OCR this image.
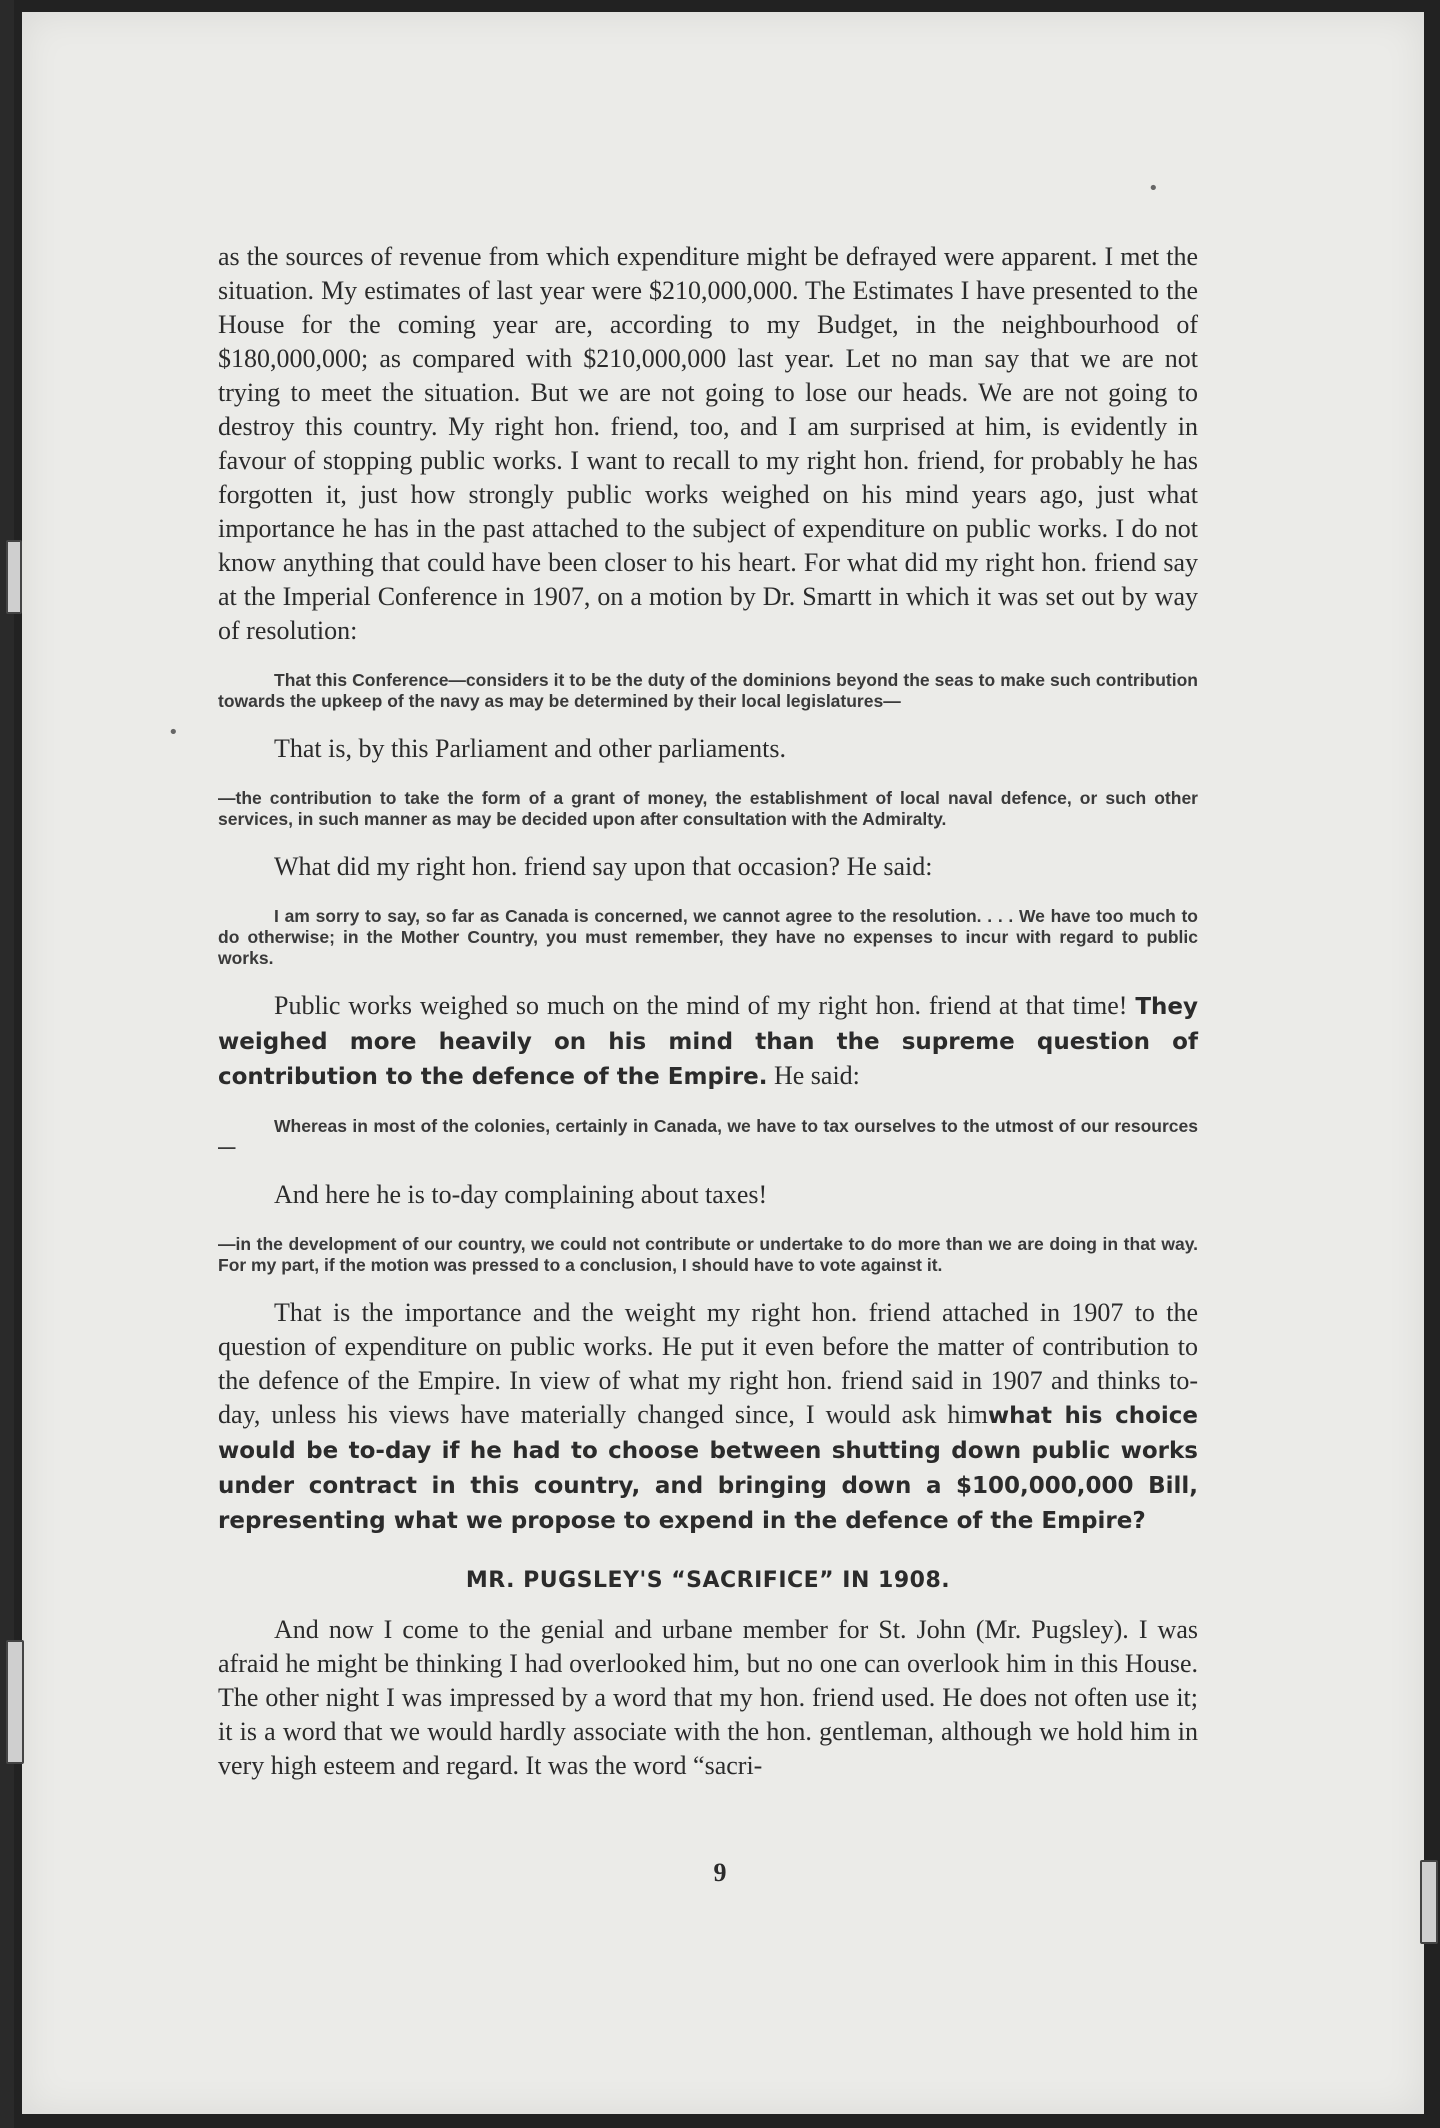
•
•

as the sources of revenue from which expenditure might be defrayed were apparent. I met the situation. My estimates of last year were $210,000,000. The Estimates I have presented to the House for the coming year are, according to my Budget, in the neighbourhood of $180,000,000; as compared with $210,000,000 last year. Let no man say that we are not trying to meet the situation. But we are not going to lose our heads. We are not going to destroy this country. My right hon. friend, too, and I am surprised at him, is evidently in favour of stopping public works. I want to recall to my right hon. friend, for probably he has forgotten it, just how strongly public works weighed on his mind years ago, just what importance he has in the past attached to the subject of expenditure on public works. I do not know anything that could have been closer to his heart. For what did my right hon. friend say at the Imperial Conference in 1907, on a motion by Dr. Smartt in which it was set out by way of resolution:

That this Conference—considers it to be the duty of the dominions beyond the seas to make such contribution towards the upkeep of the navy as may be determined by their local legislatures—

That is, by this Parliament and other parliaments.

—the contribution to take the form of a grant of money, the establishment of local naval defence, or such other services, in such manner as may be decided upon after consultation with the Admiralty.

What did my right hon. friend say upon that occasion? He said:

I am sorry to say, so far as Canada is concerned, we cannot agree to the resolution. . . . We have too much to do otherwise; in the Mother Country, you must remember, they have no expenses to incur with regard to public works.

Public works weighed so much on the mind of my right hon. friend at that time! They weighed more heavily on his mind than the supreme question of contribution to the defence of the Empire. He said:

Whereas in most of the colonies, certainly in Canada, we have to tax ourselves to the utmost of our resources—

And here he is to-day complaining about taxes!

—in the development of our country, we could not contribute or undertake to do more than we are doing in that way. For my part, if the motion was pressed to a conclusion, I should have to vote against it.

That is the importance and the weight my right hon. friend attached in 1907 to the question of expenditure on public works. He put it even before the matter of contribution to the defence of the Empire. In view of what my right hon. friend said in 1907 and thinks to-day, unless his views have materially changed since, I would ask himwhat his choice would be to-day if he had to choose between shutting down public works under contract in this country, and bringing down a $100,000,000 Bill, representing what we propose to expend in the defence of the Empire?

MR. PUGSLEY'S “SACRIFICE” IN 1908.

And now I come to the genial and urbane member for St. John (Mr. Pugsley). I was afraid he might be thinking I had overlooked him, but no one can overlook him in this House. The other night I was impressed by a word that my hon. friend used. He does not often use it; it is a word that we would hardly associate with the hon. gentleman, although we hold him in very high esteem and regard. It was the word “sacri-

9
